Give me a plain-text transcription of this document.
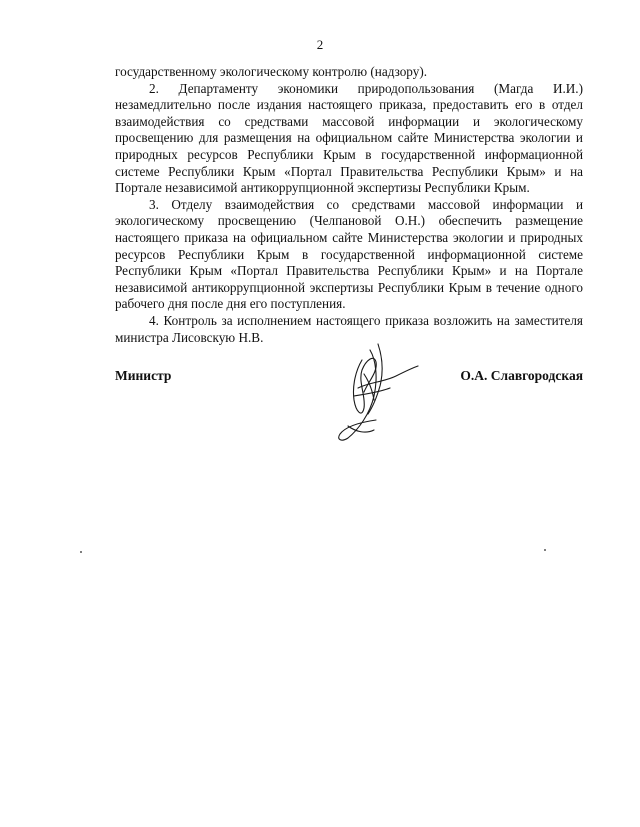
2

государственному экологическому контролю (надзору).

2. Департаменту экономики природопользования (Магда И.И.) незамедлительно после издания настоящего приказа, предоставить его в отдел взаимодействия со средствами массовой информации и экологическому просвещению для размещения на официальном сайте Министерства экологии и природных ресурсов Республики Крым в государственной информационной системе Республики Крым «Портал Правительства Республики Крым» и на Портале независимой антикоррупционной экспертизы Республики Крым.

3. Отделу взаимодействия со средствами массовой информации и экологическому просвещению (Челпановой О.Н.) обеспечить размещение настоящего приказа на официальном сайте Министерства экологии и природных ресурсов Республики Крым в государственной информационной системе Республики Крым «Портал Правительства Республики Крым» и на Портале независимой антикоррупционной экспертизы Республики Крым в течение одного рабочего дня после дня его поступления.

4. Контроль за исполнением настоящего приказа возложить на заместителя министра Лисовскую Н.В.

Министр	О.А. Славгородская
